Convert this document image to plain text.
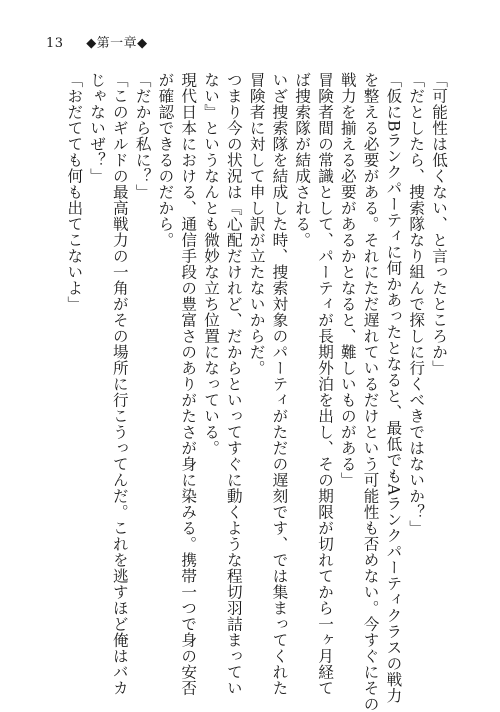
13 ◆第一章◆
「可能性は低くない、と言ったところか」
「だとしたら、捜索隊なり組んで探しに行くべきではないか？」
「仮にBランクパーティに何かあったとなると、最低でもAランクパーティクラスの戦力
を整える必要がある。それにただ遅れているだけという可能性も否めない。今すぐにその
戦力を揃える必要があるかとなると、難しいものがある」
冒険者間の常識として、パーティが長期外泊を出し、その期限が切れてから一ヶ月経て
ば捜索隊が結成される。
いざ捜索隊を結成した時、捜索対象のパーティがただの遅刻です、では集まってくれた
冒険者に対して申し訳が立たないからだ。
つまり今の状況は『心配だけれど、だからといってすぐに動くような程切羽詰まってい
ない』というなんとも微妙な立ち位置になっている。
現代日本における、通信手段の豊富さのありがたさが身に染みる。携帯一つで身の安否
が確認できるのだから。
「だから私に？」
「このギルドの最高戦力の一角がその場所に行こうってんだ。これを逃すほど俺はバカ
じゃないぜ？」
「おだてても何も出てこないよ」
